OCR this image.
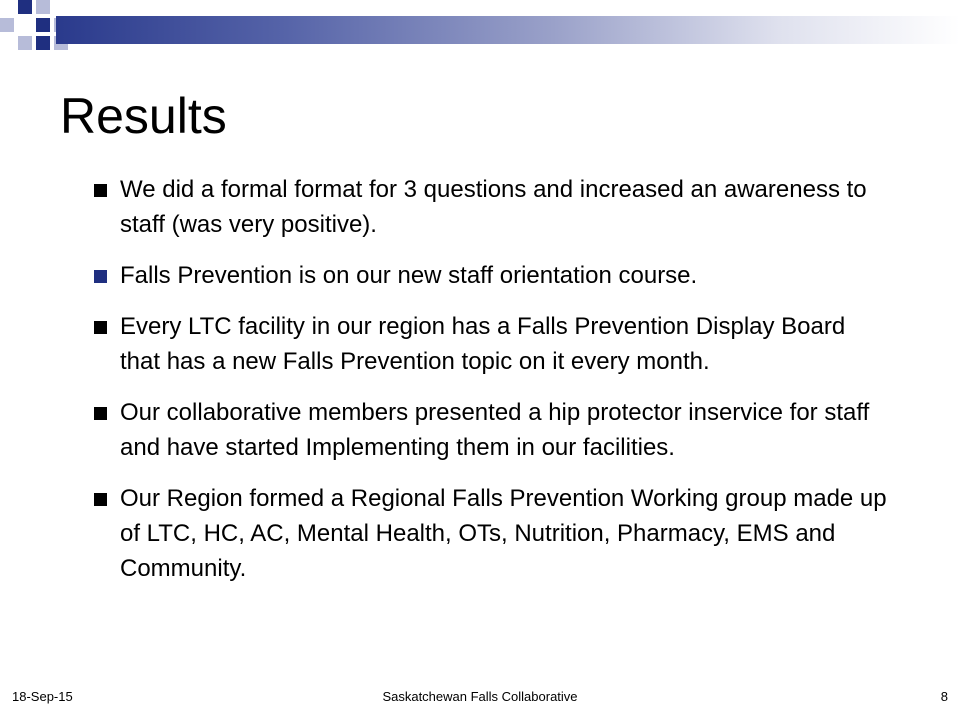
Results
We did a formal format for 3 questions and increased an awareness to staff (was very positive).
Falls Prevention is on our new staff orientation course.
Every LTC facility in our region has a Falls Prevention Display Board that has a new Falls Prevention topic on it every month.
Our collaborative members presented a hip protector inservice for staff and have started Implementing them in our facilities.
Our Region formed a Regional Falls Prevention Working group made up of LTC, HC, AC, Mental Health, OTs, Nutrition, Pharmacy, EMS and Community.
Saskatchewan Falls Collaborative
18-Sep-15	8
